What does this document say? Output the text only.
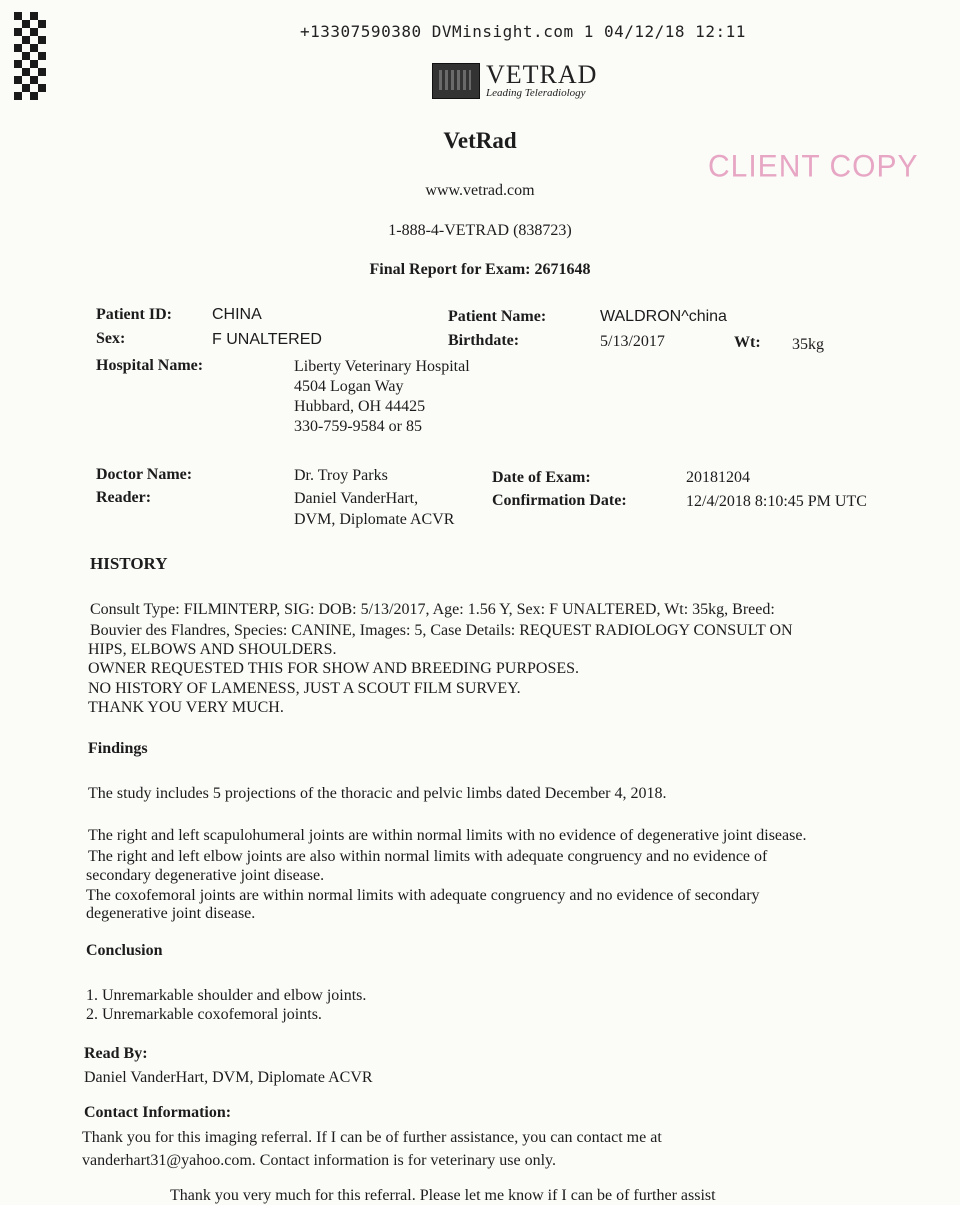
+13307590380 DVMinsight.com 1 04/12/18 12:11
VETRAD
Leading Teleradiology
VetRad
CLIENT COPY
www.vetrad.com
1-888-4-VETRAD (838723)
Final Report for Exam: 2671648
Patient ID:	CHINA	Patient Name:	WALDRON^china
Sex:	F UNALTERED	Birthdate:	5/13/2017	Wt: 35kg
Hospital Name:	Liberty Veterinary Hospital
4504 Logan Way
Hubbard, OH 44425
330-759-9584 or 85
Doctor Name:	Dr. Troy Parks	Date of Exam:	20181204
Reader:	Daniel VanderHart,
DVM, Diplomate ACVR
Confirmation Date:	12/4/2018 8:10:45 PM UTC
HISTORY
Consult Type: FILMINTERP, SIG: DOB: 5/13/2017, Age: 1.56 Y, Sex: F UNALTERED, Wt: 35kg, Breed:
Bouvier des Flandres, Species: CANINE, Images: 5, Case Details: REQUEST RADIOLOGY CONSULT ON
HIPS, ELBOWS AND SHOULDERS.
OWNER REQUESTED THIS FOR SHOW AND BREEDING PURPOSES.
NO HISTORY OF LAMENESS, JUST A SCOUT FILM SURVEY.
THANK YOU VERY MUCH.
Findings
The study includes 5 projections of the thoracic and pelvic limbs dated December 4, 2018.
The right and left scapulohumeral joints are within normal limits with no evidence of degenerative joint disease.
The right and left elbow joints are also within normal limits with adequate congruency and no evidence of
secondary degenerative joint disease.
The coxofemoral joints are within normal limits with adequate congruency and no evidence of secondary
degenerative joint disease.
Conclusion
1. Unremarkable shoulder and elbow joints.
2. Unremarkable coxofemoral joints.
Read By:
Daniel VanderHart, DVM, Diplomate ACVR
Contact Information:
Thank you for this imaging referral. If I can be of further assistance, you can contact me at
vanderhart31@yahoo.com. Contact information is for veterinary use only.
Thank you very much for this referral. Please let me know if I can be of further assist
